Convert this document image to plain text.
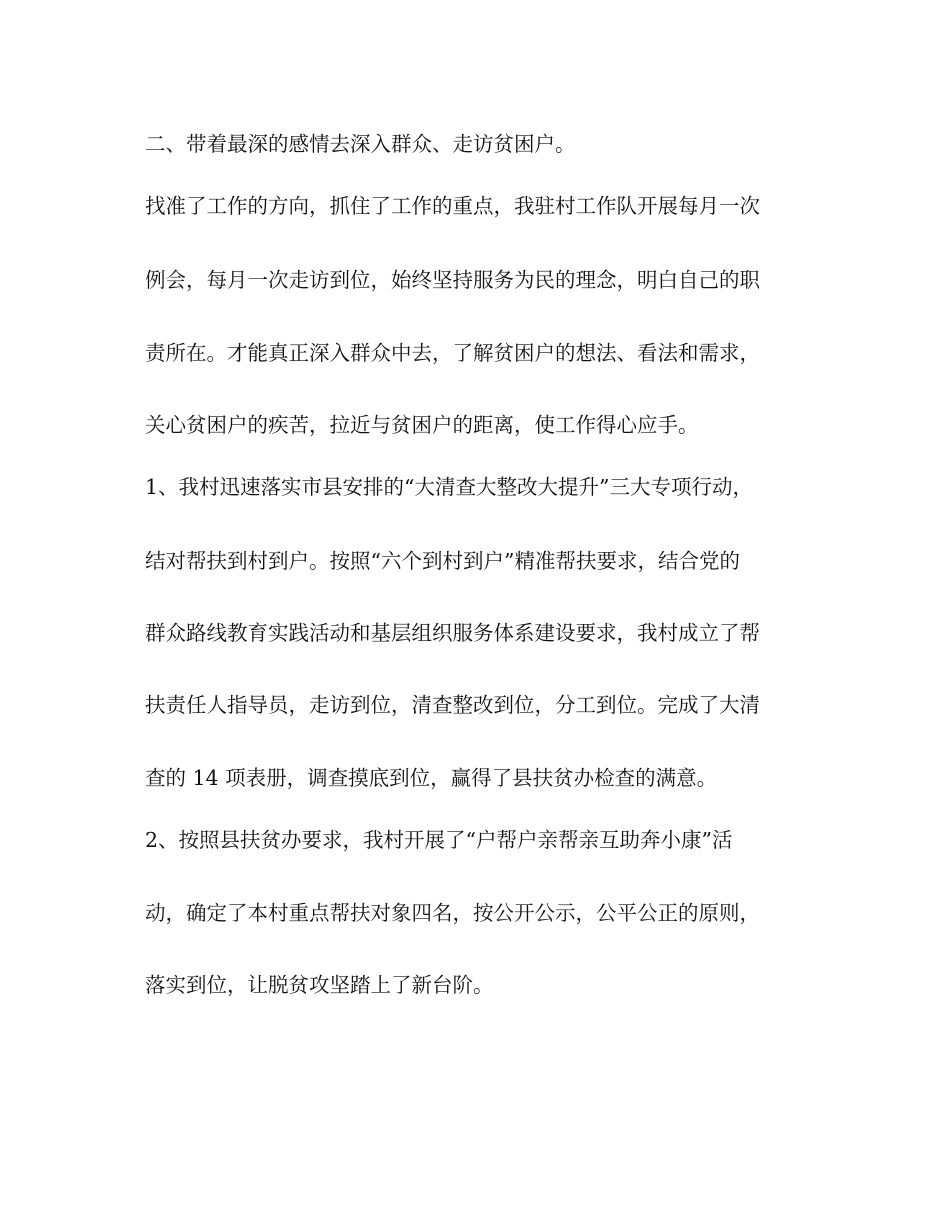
二、带着最深的感情去深入群众、走访贫困户。
找准了工作的方向，抓住了工作的重点，我驻村工作队开展每月一次
例会，每月一次走访到位，始终坚持服务为民的理念，明白自己的职
责所在。才能真正深入群众中去，了解贫困户的想法、看法和需求，
关心贫困户的疾苦，拉近与贫困户的距离，使工作得心应手。
1、我村迅速落实市县安排的“大清查大整改大提升”三大专项行动，
结对帮扶到村到户。按照“六个到村到户”精准帮扶要求，结合党的
群众路线教育实践活动和基层组织服务体系建设要求，我村成立了帮
扶责任人指导员，走访到位，清查整改到位，分工到位。完成了大清
查的 14 项表册，调查摸底到位，赢得了县扶贫办检查的满意。
2、按照县扶贫办要求，我村开展了“户帮户亲帮亲互助奔小康”活
动，确定了本村重点帮扶对象四名，按公开公示，公平公正的原则，
落实到位，让脱贫攻坚踏上了新台阶。
